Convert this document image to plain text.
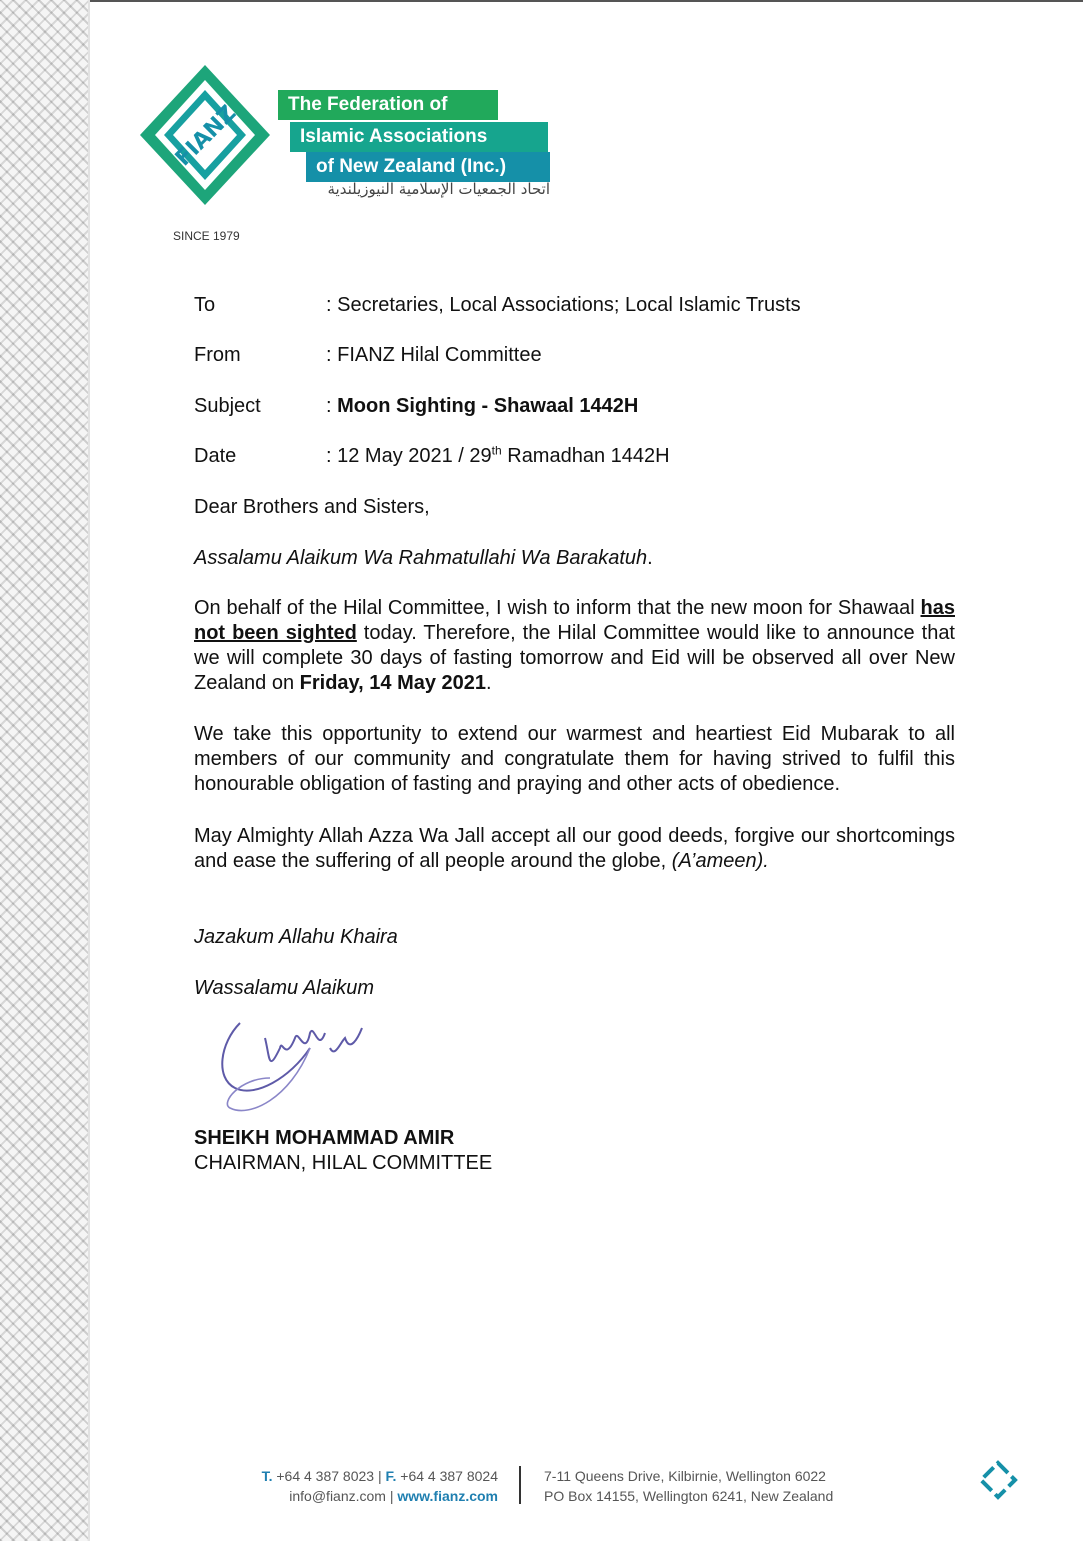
FIANZ	The Federation of
Islamic Associations
of New Zealand (Inc.)
اتحاد الجمعيات الإسلامية النيوزيلندية
SINCE 1979
To	: Secretaries, Local Associations; Local Islamic Trusts
From	: FIANZ Hilal Committee
Subject	: Moon Sighting - Shawaal 1442H
Date	: 12 May 2021 / 29th Ramadhan 1442H
Dear Brothers and Sisters,
Assalamu Alaikum Wa Rahmatullahi Wa Barakatuh.

On behalf of the Hilal Committee, I wish to inform that the new moon for Shawaal has not been sighted today. Therefore, the Hilal Committee would like to announce that we will complete 30 days of fasting tomorrow and Eid will be observed all over New Zealand on Friday, 14 May 2021.

We take this opportunity to extend our warmest and heartiest Eid Mubarak to all members of our community and congratulate them for having strived to fulfil this honourable obligation of fasting and praying and other acts of obedience.

May Almighty Allah Azza Wa Jall accept all our good deeds, forgive our shortcomings and ease the suffering of all people around the globe, (A’ameen).

Jazakum Allahu Khaira
Wassalamu Alaikum
SHEIKH MOHAMMAD AMIR
CHAIRMAN, HILAL COMMITTEE
T. +64 4 387 8023 | F. +64 4 387 8024
info@fianz.com | www.fianz.com
7-11 Queens Drive, Kilbirnie, Wellington 6022
PO Box 14155, Wellington 6241, New Zealand
